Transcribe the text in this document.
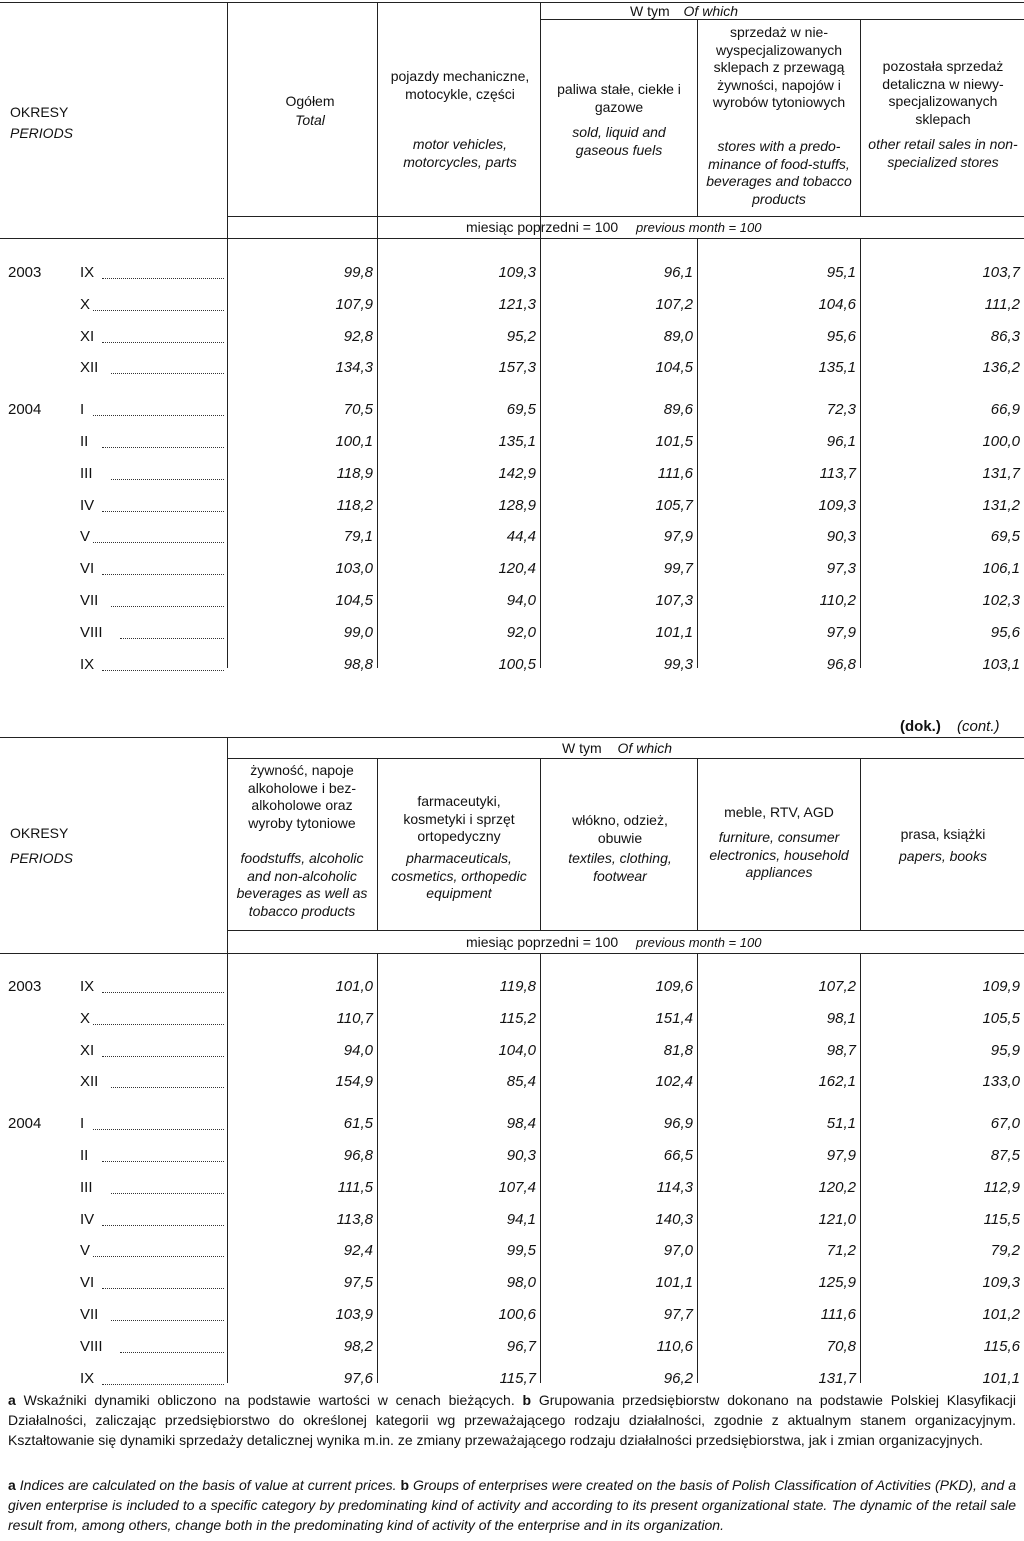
W tym Of which
OKRESY
PERIODS
Ogółem
Total
pojazdy mechaniczne, motocykle, części
motor vehicles, motorcycles, parts
paliwa stałe, ciekłe i gazowe
sold, liquid and gaseous fuels
sprzedaż w nie-wyspecjalizowanych sklepach z przewagą żywności, napojów i wyrobów tytoniowych
stores with a predo-minance of food-stuffs, beverages and tobacco products
pozostała sprzedaż detaliczna w niewy-specjalizowanych sklepach
other retail sales in non-specialized stores
miesiąc poprzedni = 100 previous month = 100
2003	IX	99,8	109,3	96,1	95,1	103,7
X	107,9	121,3	107,2	104,6	111,2
XI	92,8	95,2	89,0	95,6	86,3
XII	134,3	157,3	104,5	135,1	136,2
2004	I	70,5	69,5	89,6	72,3	66,9
II	100,1	135,1	101,5	96,1	100,0
III	118,9	142,9	111,6	113,7	131,7
IV	118,2	128,9	105,7	109,3	131,2
V	79,1	44,4	97,9	90,3	69,5
VI	103,0	120,4	99,7	97,3	106,1
VII	104,5	94,0	107,3	110,2	102,3
VIII	99,0	92,0	101,1	97,9	95,6
IX	98,8	100,5	99,3	96,8	103,1
(dok.) (cont.)
W tym Of which
OKRESY
PERIODS
żywność, napoje alkoholowe i bez-alkoholowe oraz wyroby tytoniowe
foodstuffs, alcoholic and non-alcoholic beverages as well as tobacco products
farmaceutyki, kosmetyki i sprzęt ortopedyczny
pharmaceuticals, cosmetics, orthopedic equipment
włókno, odzież, obuwie
textiles, clothing, footwear
meble, RTV, AGD
furniture, consumer electronics, household appliances
prasa, książki
papers, books
miesiąc poprzedni = 100 previous month = 100
2003	IX	101,0	119,8	109,6	107,2	109,9
X	110,7	115,2	151,4	98,1	105,5
XI	94,0	104,0	81,8	98,7	95,9
XII	154,9	85,4	102,4	162,1	133,0
2004	I	61,5	98,4	96,9	51,1	67,0
II	96,8	90,3	66,5	97,9	87,5
III	111,5	107,4	114,3	120,2	112,9
IV	113,8	94,1	140,3	121,0	115,5
V	92,4	99,5	97,0	71,2	79,2
VI	97,5	98,0	101,1	125,9	109,3
VII	103,9	100,6	97,7	111,6	101,2
VIII	98,2	96,7	110,6	70,8	115,6
IX	97,6	115,7	96,2	131,7	101,1
a Wskaźniki dynamiki obliczono na podstawie wartości w cenach bieżących. b Grupowania przedsiębiorstw dokonano na podstawie Polskiej Klasyfikacji Działalności, zaliczając przedsiębiorstwo do określonej kategorii wg przeważającego rodzaju działalności, zgodnie z aktualnym stanem organizacyjnym. Kształtowanie się dynamiki sprzedaży detalicznej wynika m.in. ze zmiany przeważającego rodzaju działalności przedsiębiorstwa, jak i zmian organizacyjnych.
a Indices are calculated on the basis of value at current prices. b Groups of enterprises were created on the basis of Polish Classification of Activities (PKD), and a given enterprise is included to a specific category by predominating kind of activity and according to its present organizational state. The dynamic of the retail sale result from, among others, change both in the predominating kind of activity of the enterprise and in its organization.
